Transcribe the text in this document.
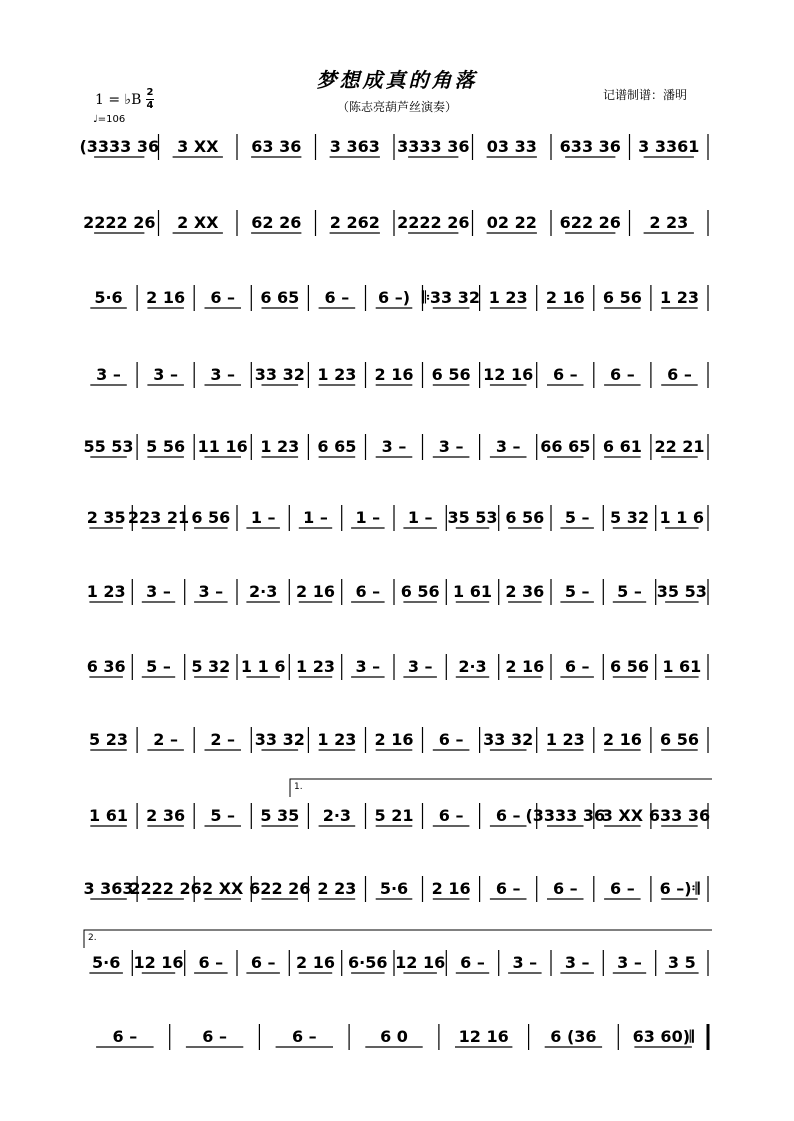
梦想成真的角落
（陈志亮葫芦丝演奏）
记谱制谱：潘明
1 = ♭B 2
4
♩=106
(3333 36 3 XX 63 36 3 363 3333 36 03 33 633 36 3 3361
2222 26 2 XX 62 26 2 262 2222 26 02 22 622 26 2 23
5·6 2 16 6 – 6 65 6 – 6 –) 𝄆33 32 1 23 2 16 6 56 1 23
3 – 3 – 3 – 33 32 1 23 2 16 6 56 12 16 6 – 6 – 6 –
55 53 5 56 11 16 1 23 6 65 3 – 3 – 3 – 66 65 6 61 22 21
2 35 223 21 6 56 1 – 1 – 1 – 1 – 35 53 6 56 5 – 5 32 1 1 6
1 23 3 – 3 – 2·3 2 16 6 – 6 56 1 61 2 36 5 – 5 – 35 53
6 36 5 – 5 32 1 1 6 1 23 3 – 3 – 2·3 2 16 6 – 6 56 1 61
5 23 2 – 2 – 33 32 1 23 2 16 6 – 33 32 1 23 2 16 6 56
1 61 2 36 5 – 5 35 2·3 5 21 6 – 6 – (3333 36
3 XX 633 36
3 363
2222 26 2 XX 622 26 2 23 5·6 2 16 6 – 6 – 6 – 6 –)𝄇
5·6 12 16 6 – 6 – 2 16 6·56 12 16 6 – 3 – 3 – 3 – 3 5
6 –	6 –	6 –	6 0	12 16	6 (36 63 60)𝄂
1.
2.
